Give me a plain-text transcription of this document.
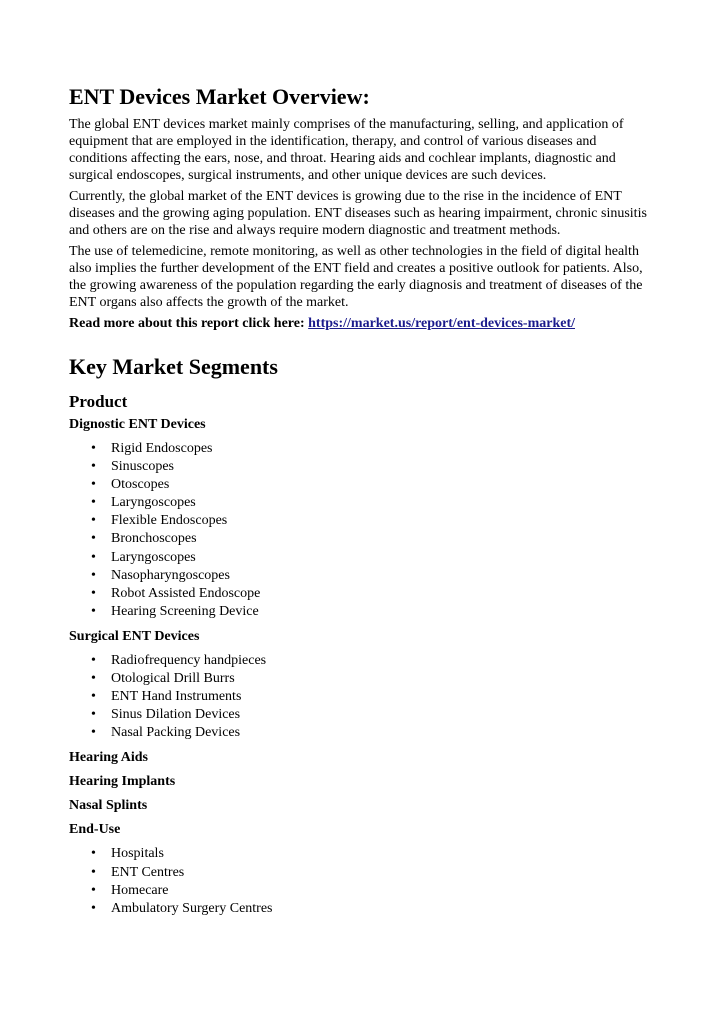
ENT Devices Market Overview:

The global ENT devices market mainly comprises of the manufacturing, selling, and application of equipment that are employed in the identification, therapy, and control of various diseases and conditions affecting the ears, nose, and throat. Hearing aids and cochlear implants, diagnostic and surgical endoscopes, surgical instruments, and other unique devices are such devices.

Currently, the global market of the ENT devices is growing due to the rise in the incidence of ENT diseases and the growing aging population. ENT diseases such as hearing impairment, chronic sinusitis and others are on the rise and always require modern diagnostic and treatment methods.

The use of telemedicine, remote monitoring, as well as other technologies in the field of digital health also implies the further development of the ENT field and creates a positive outlook for patients. Also, the growing awareness of the population regarding the early diagnosis and treatment of diseases of the ENT organs also affects the growth of the market.

Read more about this report click here: https://market.us/report/ent-devices-market/

Key Market Segments
Product
Dignostic ENT Devices
• Rigid Endoscopes
• Sinuscopes
• Otoscopes
• Laryngoscopes
• Flexible Endoscopes
• Bronchoscopes
• Laryngoscopes
• Nasopharyngoscopes
• Robot Assisted Endoscope
• Hearing Screening Device
Surgical ENT Devices
• Radiofrequency handpieces
• Otological Drill Burrs
• ENT Hand Instruments
• Sinus Dilation Devices
• Nasal Packing Devices
Hearing Aids
Hearing Implants
Nasal Splints
End-Use
• Hospitals
• ENT Centres
• Homecare
• Ambulatory Surgery Centres
